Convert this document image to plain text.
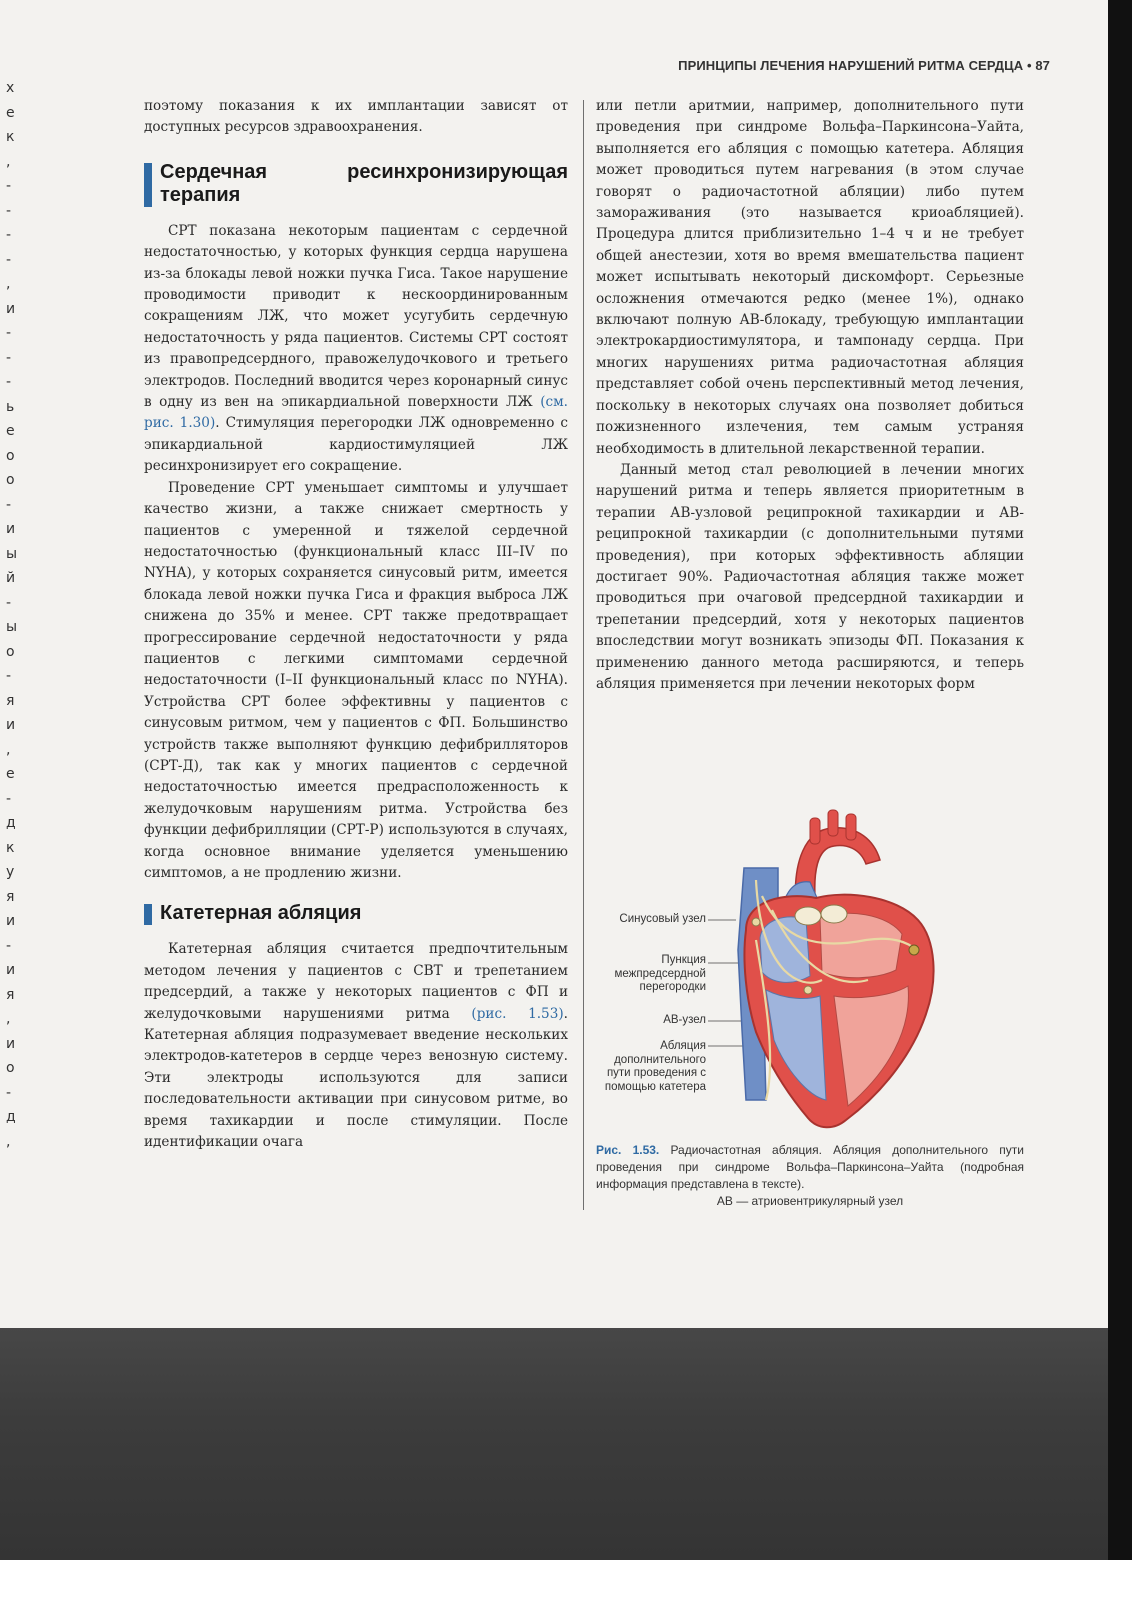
х
е
к
,
-
-
-
-
,
и
-
-
-
ь
е
о
о
-
и
ы
й
-
ы
о
-
я
и
,
е
-
д
к
у
я
и
-
и
я
,
и
о
-
д
,
ПРИНЦИПЫ ЛЕЧЕНИЯ НАРУШЕНИЙ РИТМА СЕРДЦА • 87

поэтому показания к их имплантации зависят от доступных ресурсов здравоохранения.

Сердечная ресинхронизирующая терапия

СРТ показана некоторым пациентам с сердечной недостаточностью, у которых функция сердца нарушена из-за блокады левой ножки пучка Гиса. Такое нарушение проводимости приводит к нескоординированным сокращениям ЛЖ, что может усугубить сердечную недостаточность у ряда пациентов. Системы СРТ состоят из правопредсердного, правожелудочкового и третьего электродов. Последний вводится через коронарный синус в одну из вен на эпикардиальной поверхности ЛЖ (см. рис. 1.30). Стимуляция перегородки ЛЖ одновременно с эпикардиальной кардиостимуляцией ЛЖ ресинхронизирует его сокращение.

Проведение СРТ уменьшает симптомы и улучшает качество жизни, а также снижает смертность у пациентов с умеренной и тяжелой сердечной недостаточностью (функциональный класс III–IV по NYHA), у которых сохраняется синусовый ритм, имеется блокада левой ножки пучка Гиса и фракция выброса ЛЖ снижена до 35% и менее. СРТ также предотвращает прогрессирование сердечной недостаточности у ряда пациентов с легкими симптомами сердечной недостаточности (I–II функциональный класс по NYHA). Устройства СРТ более эффективны у пациентов с синусовым ритмом, чем у пациентов с ФП. Большинство устройств также выполняют функцию дефибрилляторов (СРТ-Д), так как у многих пациентов с сердечной недостаточностью имеется предрасположенность к желудочковым нарушениям ритма. Устройства без функции дефибрилляции (СРТ-Р) используются в случаях, когда основное внимание уделяется уменьшению симптомов, а не продлению жизни.

Катетерная абляция

Катетерная абляция считается предпочтительным методом лечения у пациентов с СВТ и трепетанием предсердий, а также у некоторых пациентов с ФП и желудочковыми нарушениями ритма (рис. 1.53). Катетерная абляция подразумевает введение нескольких электродов-катетеров в сердце через венозную систему. Эти электроды используются для записи последовательности активации при синусовом ритме, во время тахикардии и после стимуляции. После идентификации очага

или петли аритмии, например, дополнительного пути проведения при синдроме Вольфа–Паркинсона–Уайта, выполняется его абляция с помощью катетера. Абляция может проводиться путем нагревания (в этом случае говорят о радиочастотной абляции) либо путем замораживания (это называется криоабляцией). Процедура длится приблизительно 1–4 ч и не требует общей анестезии, хотя во время вмешательства пациент может испытывать некоторый дискомфорт. Серьезные осложнения отмечаются редко (менее 1%), однако включают полную АВ-блокаду, требующую имплантации электрокардиостимулятора, и тампонаду сердца. При многих нарушениях ритма радиочастотная абляция представляет собой очень перспективный метод лечения, поскольку в некоторых случаях она позволяет добиться пожизненного излечения, тем самым устраняя необходимость в длительной лекарственной терапии.

Данный метод стал революцией в лечении многих нарушений ритма и теперь является приоритетным в терапии АВ-узловой реципрокной тахикардии и АВ- реципрокной тахикардии (с дополнительными путями проведения), при которых эффективность абляции достигает 90%. Радиочастотная абляция также может проводиться при очаговой предсердной тахикардии и трепетании предсердий, хотя у некоторых пациентов впоследствии могут возникать эпизоды ФП. Показания к применению данного метода расширяются, и теперь абляция применяется при лечении некоторых форм

Синусовый узел
Пункция межпредсердной перегородки
АВ-узел
Абляция дополнительного пути проведения с помощью катетера
Рис. 1.53. Радиочастотная абляция. Абляция дополнительного пути проведения при синдроме Вольфа–Паркинсона–Уайта (подробная информация представлена в тексте).
АВ — атриовентрикулярный узел
